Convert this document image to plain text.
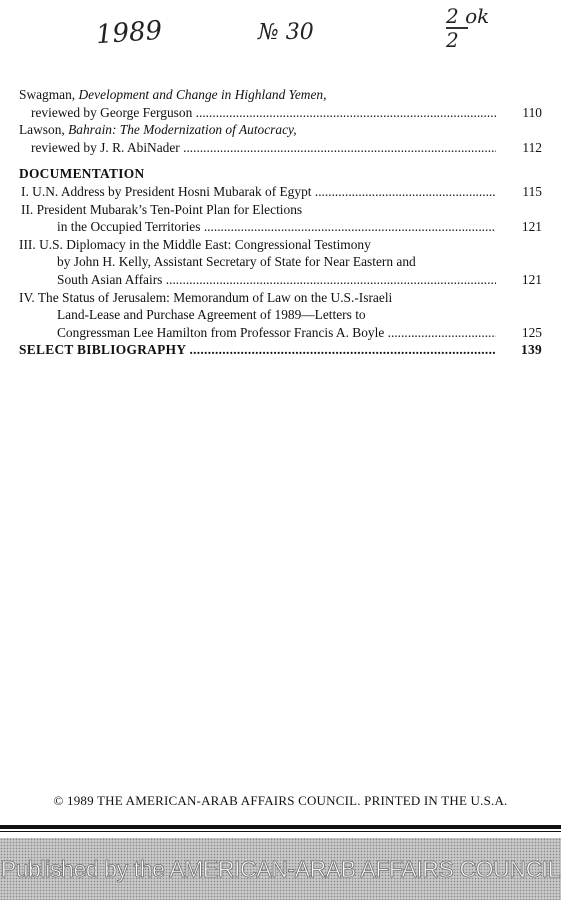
1989	№ 30
2 ok
2
Swagman, Development and Change in Highland Yemen,
reviewed by George Ferguson .....	110
Lawson, Bahrain: The Modernization of Autocracy,
reviewed by J. R. AbiNader .....	112
DOCUMENTATION
I. U.N. Address by President Hosni Mubarak of Egypt .....	115
II. President Mubarak’s Ten-Point Plan for Elections
in the Occupied Territories .....	121
III. U.S. Diplomacy in the Middle East: Congressional Testimony
by John H. Kelly, Assistant Secretary of State for Near Eastern and
South Asian Affairs .....	121
IV. The Status of Jerusalem: Memorandum of Law on the U.S.-Israeli
Land-Lease and Purchase Agreement of 1989—Letters to
Congressman Lee Hamilton from Professor Francis A. Boyle .....	125
SELECT BIBLIOGRAPHY .....	139
© 1989 THE AMERICAN-ARAB AFFAIRS COUNCIL. PRINTED IN THE U.S.A.
Published by the AMERICAN-ARAB AFFAIRS COUNCIL
